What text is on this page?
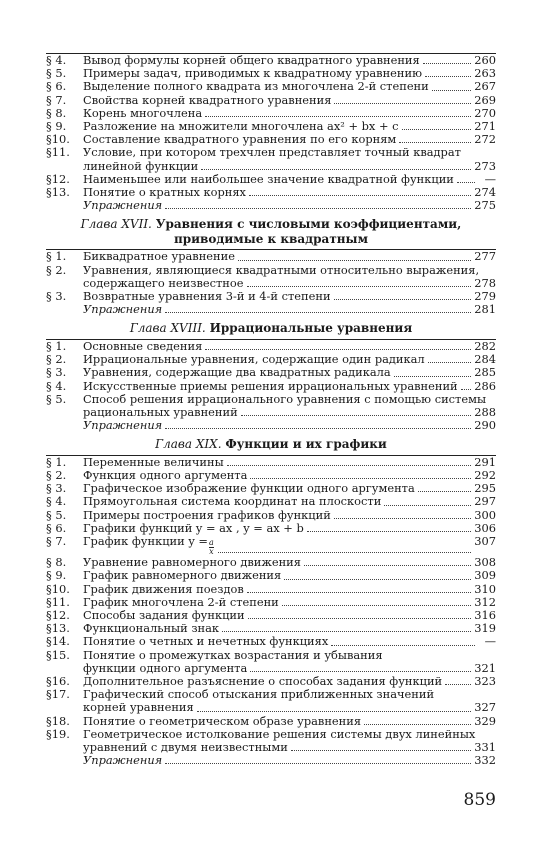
§ 4.	Вывод формулы корней общего квадратного уравнения	260
§ 5.	Примеры задач, приводимых к квадратному уравнению	263
§ 6.	Выделение полного квадрата из многочлена 2-й степени	267
§ 7.	Свойства корней квадратного уравнения	269
§ 8.	Корень многочлена	270
§ 9.	Разложение на множители многочлена ax² + bx + c	271
§10.	Составление квадратного уравнения по его корням	272
§11.	Условие, при котором трехчлен представляет точный квадрат
линейной функции	273
§12.	Наименьшее или наибольшее значение квадратной функции	—
§13.	Понятие о кратных корнях	274
Упражнения	275
Глава XVII. Уравнения с числовыми коэффициентами,
приводимые к квадратным
§ 1.	Биквадратное уравнение	277
§ 2.	Уравнения, являющиеся квадратными относительно выражения,
содержащего неизвестное	278
§ 3.	Возвратные уравнения 3-й и 4-й степени	279
Упражнения	281
Глава XVIII. Иррациональные уравнения
§ 1.	Основные сведения	282
§ 2.	Иррациональные уравнения, содержащие один радикал	284
§ 3.	Уравнения, содержащие два квадратных радикала	285
§ 4.	Искусственные приемы решения иррациональных уравнений 286
§ 5.	Способ решения иррационального уравнения с помощью системы
рациональных уравнений	288
Упражнения	290
Глава XIX. Функции и их графики
§ 1.	Переменные величины	291
§ 2.	Функция одного аргумента	292
§ 3.	Графическое изображение функции одного аргумента	295
§ 4.	Прямоугольная система координат на плоскости	297
§ 5.	Примеры построения графиков функций	300
§ 6.	Графики функций y = ax , y = ax + b	306
§ 7.	График функции $y = \frac{a}{x}$	307
§ 8.	Уравнение равномерного движения	308
§ 9.	График равномерного движения	309
§10.	График движения поездов	310
§11.	График многочлена 2-й степени	312
§12.	Способы задания функции	316
§13.	Функциональный знак	319
§14.	Понятие о четных и нечетных функциях	—
§15.	Понятие о промежутках возрастания и убывания
функции одного аргумента	321
§16.	Дополнительное разъяснение о способах задания функций	323
§17.	Графический способ отыскания приближенных значений
корней уравнения	327
§18.	Понятие о геометрическом образе уравнения	329
§19.	Геометрическое истолкование решения системы двух линейных
уравнений с двумя неизвестными	331
Упражнения	332
859
